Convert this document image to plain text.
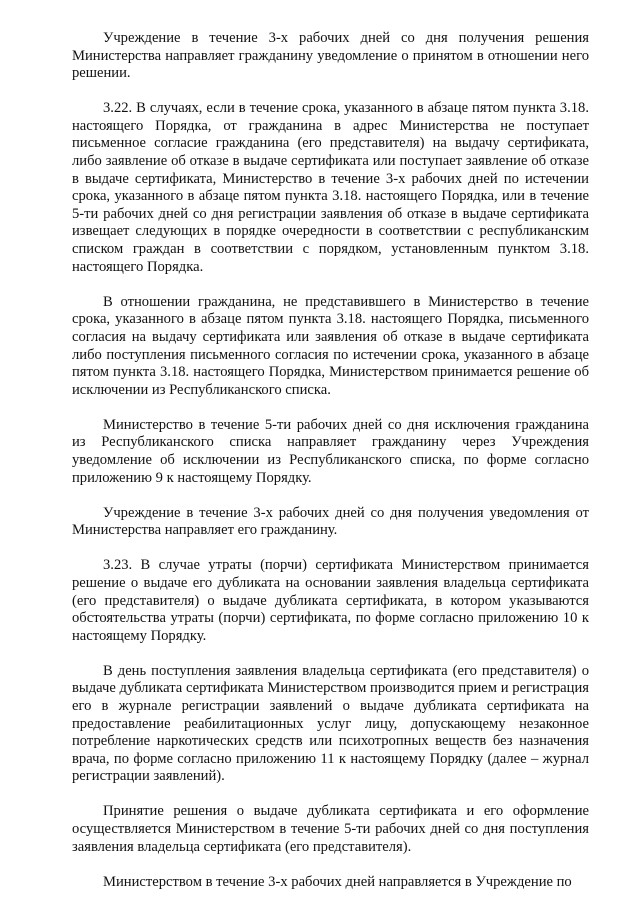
Учреждение в течение 3-х рабочих дней со дня получения решения Министерства направляет гражданину уведомление о принятом в отношении него решении.

3.22. В случаях, если в течение срока, указанного в абзаце пятом пункта 3.18. настоящего Порядка, от гражданина в адрес Министерства не поступает письменное согласие гражданина (его представителя) на выдачу сертификата, либо заявление об отказе в выдаче сертификата или поступает заявление об отказе в выдаче сертификата, Министерство в течение 3-х рабочих дней по истечении срока, указанного в абзаце пятом пункта 3.18. настоящего Порядка, или в течение 5-ти рабочих дней со дня регистрации заявления об отказе в выдаче сертификата извещает следующих в порядке очередности в соответствии с республиканским списком граждан в соответствии с порядком, установленным пунктом 3.18. настоящего Порядка.

В отношении гражданина, не представившего в Министерство в течение срока, указанного в абзаце пятом пункта 3.18. настоящего Порядка, письменного согласия на выдачу сертификата или заявления об отказе в выдаче сертификата либо поступления письменного согласия по истечении срока, указанного в абзаце пятом пункта 3.18. настоящего Порядка, Министерством принимается решение об исключении из Республиканского списка.

Министерство в течение 5-ти рабочих дней со дня исключения гражданина из Республиканского списка направляет гражданину через Учреждения уведомление об исключении из Республиканского списка, по форме согласно приложению 9 к настоящему Порядку.

Учреждение в течение 3-х рабочих дней со дня получения уведомления от Министерства направляет его гражданину.

3.23. В случае утраты (порчи) сертификата Министерством принимается решение о выдаче его дубликата на основании заявления владельца сертификата (его представителя) о выдаче дубликата сертификата, в котором указываются обстоятельства утраты (порчи) сертификата, по форме согласно приложению 10 к настоящему Порядку.

В день поступления заявления владельца сертификата (его представителя) о выдаче дубликата сертификата Министерством производится прием и регистрация его в журнале регистрации заявлений о выдаче дубликата сертификата на предоставление реабилитационных услуг лицу, допускающему незаконное потребление наркотических средств или психотропных веществ без назначения врача, по форме согласно приложению 11 к настоящему Порядку (далее – журнал регистрации заявлений).

Принятие решения о выдаче дубликата сертификата и его оформление осуществляется Министерством в течение 5-ти рабочих дней со дня поступления заявления владельца сертификата (его представителя).

Министерством в течение 3-х рабочих дней направляется в Учреждение по
